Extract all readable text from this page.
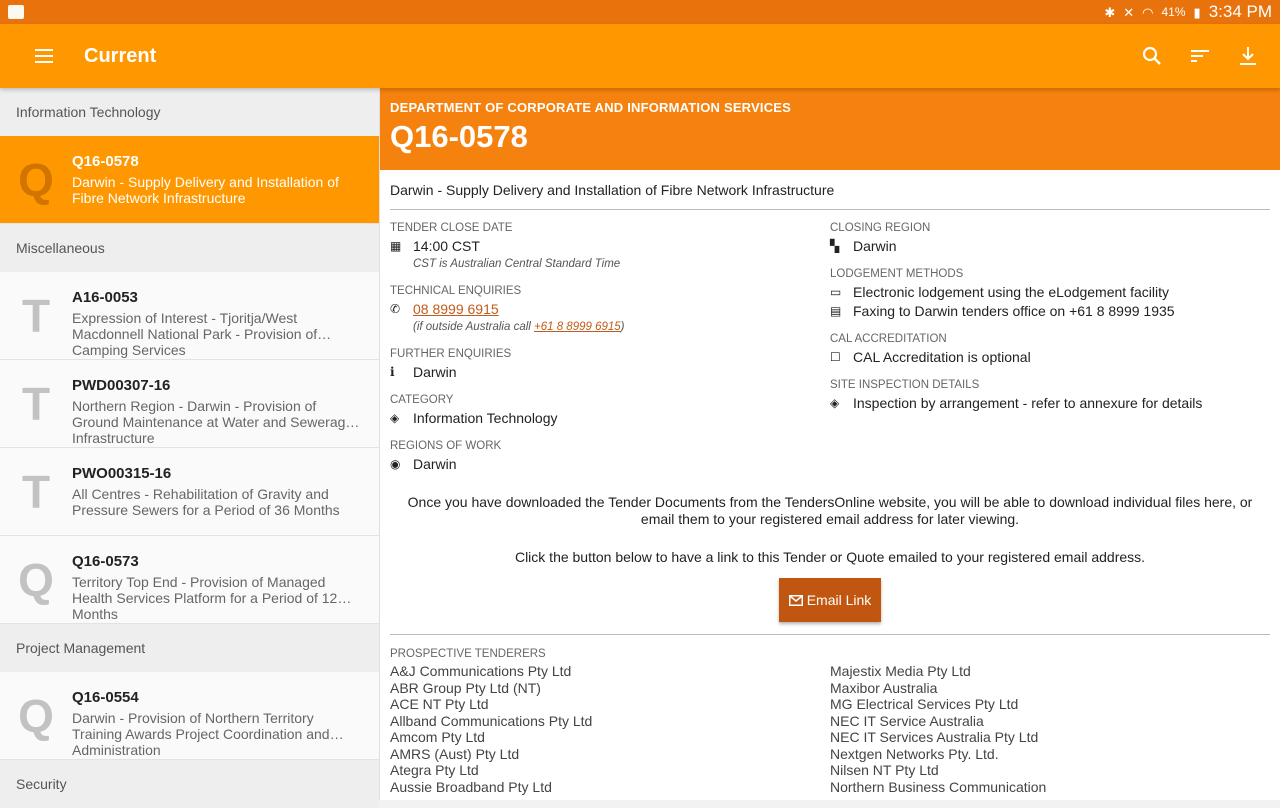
✱ ✕ ◠ 41% ▮ 3:34 PM
Current
Information Technology
Q	Q16-0578
Darwin - Supply Delivery and Installation of Fibre Network Infrastructure
Miscellaneous
T	A16-0053
Expression of Interest - Tjoritja/West Macdonnell National Park - Provision of Camping Services
T	PWD00307-16
Northern Region - Darwin - Provision of Ground Maintenance at Water and Sewerage Infrastructure
T	PWO00315-16
All Centres - Rehabilitation of Gravity and Pressure Sewers for a Period of 36 Months
Q	Q16-0573
Territory Top End - Provision of Managed Health Services Platform for a Period of 12 Months
Project Management
Q	Q16-0554
Darwin - Provision of Northern Territory Training Awards Project Coordination and Administration
Security
DEPARTMENT OF CORPORATE AND INFORMATION SERVICES
Q16-0578
Darwin - Supply Delivery and Installation of Fibre Network Infrastructure
TENDER CLOSE DATE
▦ 14:00 CST
CST is Australian Central Standard Time
TECHNICAL ENQUIRIES
✆ 08 8999 6915
(if outside Australia call +61 8 8999 6915)
FURTHER ENQUIRIES
i	Darwin
CATEGORY
◈ Information Technology
REGIONS OF WORK
◉ Darwin
CLOSING REGION
▚ Darwin
LODGEMENT METHODS
▭ Electronic lodgement using the eLodgement facility
▤ Faxing to Darwin tenders office on +61 8 8999 1935
CAL ACCREDITATION
☐ CAL Accreditation is optional
SITE INSPECTION DETAILS
◈ Inspection by arrangement - refer to annexure for details
Once you have downloaded the Tender Documents from the TendersOnline website, you will be able to download individual files here, or email them to your registered email address for later viewing.
Click the button below to have a link to this Tender or Quote emailed to your registered email address.
Email Link
PROSPECTIVE TENDERERS
A&J Communications Pty Ltd
ABR Group Pty Ltd (NT)
ACE NT Pty Ltd
Allband Communications Pty Ltd
Amcom Pty Ltd
AMRS (Aust) Pty Ltd
Ategra Pty Ltd
Aussie Broadband Pty Ltd
Majestix Media Pty Ltd
Maxibor Australia
MG Electrical Services Pty Ltd
NEC IT Service Australia
NEC IT Services Australia Pty Ltd
Nextgen Networks Pty. Ltd.
Nilsen NT Pty Ltd
Northern Business Communication
